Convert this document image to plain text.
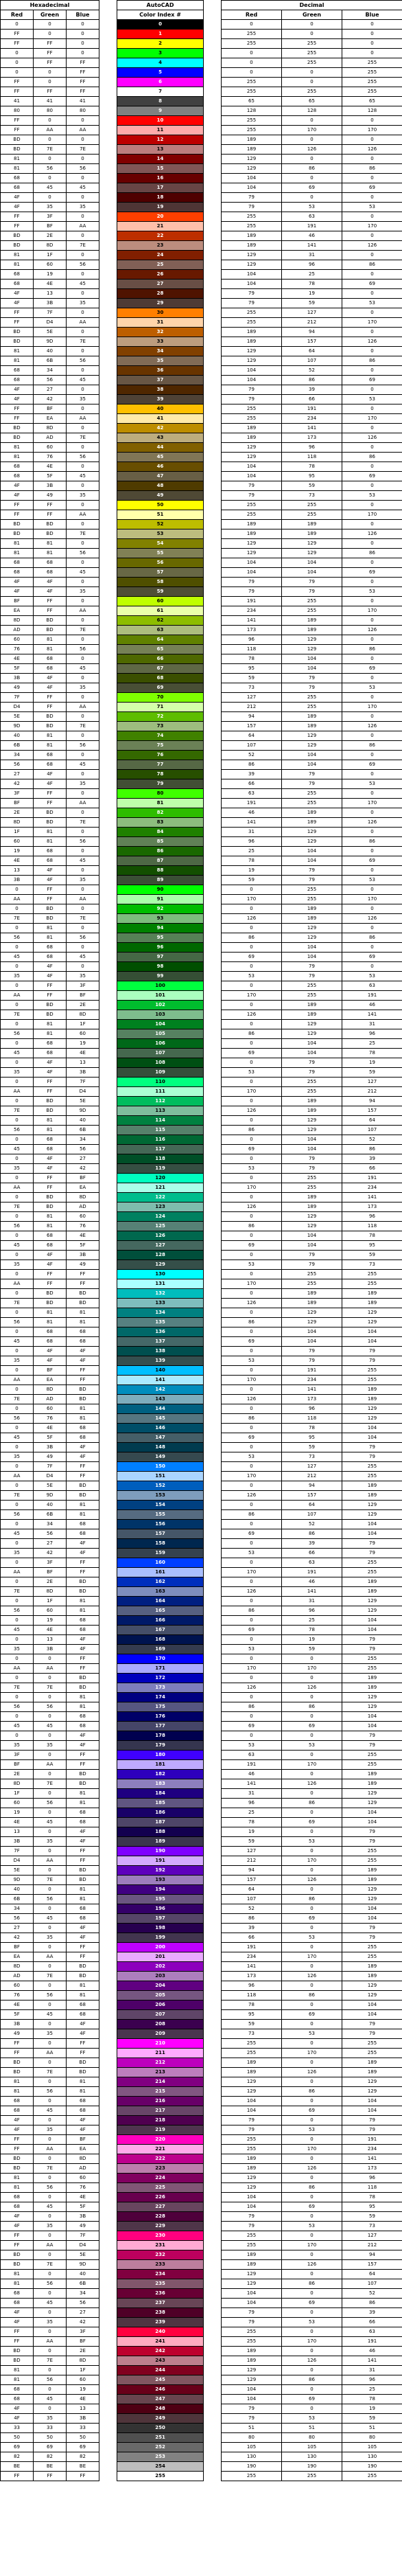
Hexadecimal				AutoCAD		Decimal		
Red	Green	Blue		Color Index #		Red	Green	Blue
0	0	0		0		0	0	0
FF	0	0		1		255	0	0
FF	FF	0		2		255	255	0
0	FF	0		3		0	255	0
0	FF	FF		4		0	255	255
0	0	FF		5		0	0	255
FF	0	FF		6		255	0	255
FF	FF	FF		7		255	255	255
41	41	41		8		65	65	65
80	80	80		9		128	128	128
FF	0	0		10		255	0	0
FF	AA	AA		11		255	170	170
BD	0	0		12		189	0	0
BD	7E	7E		13		189	126	126
81	0	0		14		129	0	0
81	56	56		15		129	86	86
68	0	0		16		104	0	0
68	45	45		17		104	69	69
4F	0	0		18		79	0	0
4F	35	35		19		79	53	53
FF	3F	0		20		255	63	0
FF	BF	AA		21		255	191	170
BD	2E	0		22		189	46	0
BD	8D	7E		23		189	141	126
81	1F	0		24		129	31	0
81	60	56		25		129	96	86
68	19	0		26		104	25	0
68	4E	45		27		104	78	69
4F	13	0		28		79	19	0
4F	3B	35		29		79	59	53
FF	7F	0		30		255	127	0
FF	D4	AA		31		255	212	170
BD	5E	0		32		189	94	0
BD	9D	7E		33		189	157	126
81	40	0		34		129	64	0
81	6B	56		35		129	107	86
68	34	0		36		104	52	0
68	56	45		37		104	86	69
4F	27	0		38		79	39	0
4F	42	35		39		79	66	53
FF	BF	0		40		255	191	0
FF	EA	AA		41		255	234	170
BD	8D	0		42		189	141	0
BD	AD	7E		43		189	173	126
81	60	0		44		129	96	0
81	76	56		45		129	118	86
68	4E	0		46		104	78	0
68	5F	45		47		104	95	69
4F	3B	0		48		79	59	0
4F	49	35		49		79	73	53
FF	FF	0		50		255	255	0
FF	FF	AA		51		255	255	170
BD	BD	0		52		189	189	0
BD	BD	7E		53		189	189	126
81	81	0		54		129	129	0
81	81	56		55		129	129	86
68	68	0		56		104	104	0
68	68	45		57		104	104	69
4F	4F	0		58		79	79	0
4F	4F	35		59		79	79	53
BF	FF	0		60		191	255	0
EA	FF	AA		61		234	255	170
8D	BD	0		62		141	189	0
AD	BD	7E		63		173	189	126
60	81	0		64		96	129	0
76	81	56		65		118	129	86
4E	68	0		66		78	104	0
5F	68	45		67		95	104	69
3B	4F	0		68		59	79	0
49	4F	35		69		73	79	53
7F	FF	0		70		127	255	0
D4	FF	AA		71		212	255	170
5E	BD	0		72		94	189	0
9D	BD	7E		73		157	189	126
40	81	0		74		64	129	0
6B	81	56		75		107	129	86
34	68	0		76		52	104	0
56	68	45		77		86	104	69
27	4F	0		78		39	79	0
42	4F	35		79		66	79	53
3F	FF	0		80		63	255	0
BF	FF	AA		81		191	255	170
2E	BD	0		82		46	189	0
8D	BD	7E		83		141	189	126
1F	81	0		84		31	129	0
60	81	56		85		96	129	86
19	68	0		86		25	104	0
4E	68	45		87		78	104	69
13	4F	0		88		19	79	0
3B	4F	35		89		59	79	53
0	FF	0		90		0	255	0
AA	FF	AA		91		170	255	170
0	BD	0		92		0	189	0
7E	BD	7E		93		126	189	126
0	81	0		94		0	129	0
56	81	56		95		86	129	86
0	68	0		96		0	104	0
45	68	45		97		69	104	69
0	4F	0		98		0	79	0
35	4F	35		99		53	79	53
0	FF	3F		100		0	255	63
AA	FF	BF		101		170	255	191
0	BD	2E		102		0	189	46
7E	BD	8D		103		126	189	141
0	81	1F		104		0	129	31
56	81	60		105		86	129	96
0	68	19		106		0	104	25
45	68	4E		107		69	104	78
0	4F	13		108		0	79	19
35	4F	3B		109		53	79	59
0	FF	7F		110		0	255	127
AA	FF	D4		111		170	255	212
0	BD	5E		112		0	189	94
7E	BD	9D		113		126	189	157
0	81	40		114		0	129	64
56	81	6B		115		86	129	107
0	68	34		116		0	104	52
45	68	56		117		69	104	86
0	4F	27		118		0	79	39
35	4F	42		119		53	79	66
0	FF	BF		120		0	255	191
AA	FF	EA		121		170	255	234
0	BD	8D		122		0	189	141
7E	BD	AD		123		126	189	173
0	81	60		124		0	129	96
56	81	76		125		86	129	118
0	68	4E		126		0	104	78
45	68	5F		127		69	104	95
0	4F	3B		128		0	79	59
35	4F	49		129		53	79	73
0	FF	FF		130		0	255	255
AA	FF	FF		131		170	255	255
0	BD	BD		132		0	189	189
7E	BD	BD		133		126	189	189
0	81	81		134		0	129	129
56	81	81		135		86	129	129
0	68	68		136		0	104	104
45	68	68		137		69	104	104
0	4F	4F		138		0	79	79
35	4F	4F		139		53	79	79
0	BF	FF		140		0	191	255
AA	EA	FF		141		170	234	255
0	8D	BD		142		0	141	189
7E	AD	BD		143		126	173	189
0	60	81		144		0	96	129
56	76	81		145		86	118	129
0	4E	68		146		0	78	104
45	5F	68		147		69	95	104
0	3B	4F		148		0	59	79
35	49	4F		149		53	73	79
0	7F	FF		150		0	127	255
AA	D4	FF		151		170	212	255
0	5E	BD		152		0	94	189
7E	9D	BD		153		126	157	189
0	40	81		154		0	64	129
56	6B	81		155		86	107	129
0	34	68		156		0	52	104
45	56	68		157		69	86	104
0	27	4F		158		0	39	79
35	42	4F		159		53	66	79
0	3F	FF		160		0	63	255
AA	BF	FF		161		170	191	255
0	2E	BD		162		0	46	189
7E	8D	BD		163		126	141	189
0	1F	81		164		0	31	129
56	60	81		165		86	96	129
0	19	68		166		0	25	104
45	4E	68		167		69	78	104
0	13	4F		168		0	19	79
35	3B	4F		169		53	59	79
0	0	FF		170		0	0	255
AA	AA	FF		171		170	170	255
0	0	BD		172		0	0	189
7E	7E	BD		173		126	126	189
0	0	81		174		0	0	129
56	56	81		175		86	86	129
0	0	68		176		0	0	104
45	45	68		177		69	69	104
0	0	4F		178		0	0	79
35	35	4F		179		53	53	79
3F	0	FF		180		63	0	255
BF	AA	FF		181		191	170	255
2E	0	BD		182		46	0	189
8D	7E	BD		183		141	126	189
1F	0	81		184		31	0	129
60	56	81		185		96	86	129
19	0	68		186		25	0	104
4E	45	68		187		78	69	104
13	0	4F		188		19	0	79
3B	35	4F		189		59	53	79
7F	0	FF		190		127	0	255
D4	AA	FF		191		212	170	255
5E	0	BD		192		94	0	189
9D	7E	BD		193		157	126	189
40	0	81		194		64	0	129
6B	56	81		195		107	86	129
34	0	68		196		52	0	104
56	45	68		197		86	69	104
27	0	4F		198		39	0	79
42	35	4F		199		66	53	79
BF	0	FF		200		191	0	255
EA	AA	FF		201		234	170	255
8D	0	BD		202		141	0	189
AD	7E	BD		203		173	126	189
60	0	81		204		96	0	129
76	56	81		205		118	86	129
4E	0	68		206		78	0	104
5F	45	68		207		95	69	104
3B	0	4F		208		59	0	79
49	35	4F		209		73	53	79
FF	0	FF		210		255	0	255
FF	AA	FF		211		255	170	255
BD	0	BD		212		189	0	189
BD	7E	BD		213		189	126	189
81	0	81		214		129	0	129
81	56	81		215		129	86	129
68	0	68		216		104	0	104
68	45	68		217		104	69	104
4F	0	4F		218		79	0	79
4F	35	4F		219		79	53	79
FF	0	BF		220		255	0	191
FF	AA	EA		221		255	170	234
BD	0	8D		222		189	0	141
BD	7E	AD		223		189	126	173
81	0	60		224		129	0	96
81	56	76		225		129	86	118
68	0	4E		226		104	0	78
68	45	5F		227		104	69	95
4F	0	3B		228		79	0	59
4F	35	49		229		79	53	73
FF	0	7F		230		255	0	127
FF	AA	D4		231		255	170	212
BD	0	5E		232		189	0	94
BD	7E	9D		233		189	126	157
81	0	40		234		129	0	64
81	56	6B		235		129	86	107
68	0	34		236		104	0	52
68	45	56		237		104	69	86
4F	0	27		238		79	0	39
4F	35	42		239		79	53	66
FF	0	3F		240		255	0	63
FF	AA	BF		241		255	170	191
BD	0	2E		242		189	0	46
BD	7E	8D		243		189	126	141
81	0	1F		244		129	0	31
81	56	60		245		129	86	96
68	0	19		246		104	0	25
68	45	4E		247		104	69	78
4F	0	13		248		79	0	19
4F	35	3B		249		79	53	59
33	33	33		250		51	51	51
50	50	50		251		80	80	80
69	69	69		252		105	105	105
82	82	82		253		130	130	130
BE	BE	BE		254		190	190	190
FF	FF	FF		255		255	255	255
